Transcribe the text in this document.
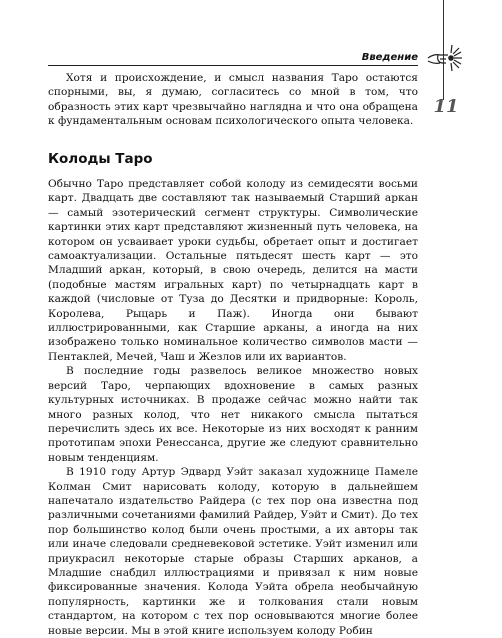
Введение
11

Хотя и происхождение, и смысл названия Таро остаются спорными, вы, я думаю, согласитесь со мной в том, что образность этих карт чрезвычайно наглядна и что она обращена к фундаментальным основам психологического опыта человека.

Колоды Таро

Обычно Таро представляет собой колоду из семидесяти восьми карт. Двадцать две составляют так называемый Старший аркан — самый эзотерический сегмент структуры. Символические картинки этих карт представляют жизненный путь человека, на котором он усваивает уроки судьбы, обретает опыт и достигает самоактуализации. Остальные пятьдесят шесть карт — это Младший аркан, который, в свою очередь, делится на масти (подобные мастям игральных карт) по четырнадцать карт в каждой (числовые от Туза до Десятки и придворные: Король, Королева, Рыцарь и Паж). Иногда они бывают иллюстрированными, как Старшие арканы, а иногда на них изображено только номинальное количество символов масти — Пентаклей, Мечей, Чаш и Жезлов или их вариантов.

В последние годы развелось великое множество новых версий Таро, черпающих вдохновение в самых разных культурных источниках. В продаже сейчас можно найти так много разных колод, что нет никакого смысла пытаться перечислить здесь их все. Некоторые из них восходят к ранним прототипам эпохи Ренессанса, другие же следуют сравнительно новым тенденциям.

В 1910 году Артур Эдвард Уэйт заказал художнице Памеле Колман Смит нарисовать колоду, которую в дальнейшем напечатало издательство Райдера (с тех пор она известна под различными сочетаниями фамилий Райдер, Уэйт и Смит). До тех пор большинство колод были очень простыми, а их авторы так или иначе следовали средневековой эстетике. Уэйт изменил или приукрасил некоторые старые образы Старших арканов, а Младшие снабдил иллюстрациями и привязал к ним новые фиксированные значения. Колода Уэйта обрела необычайную популярность, картинки же и толкования стали новым стандартом, на котором с тех пор основываются многие более новые версии. Мы в этой книге используем колоду Робин
